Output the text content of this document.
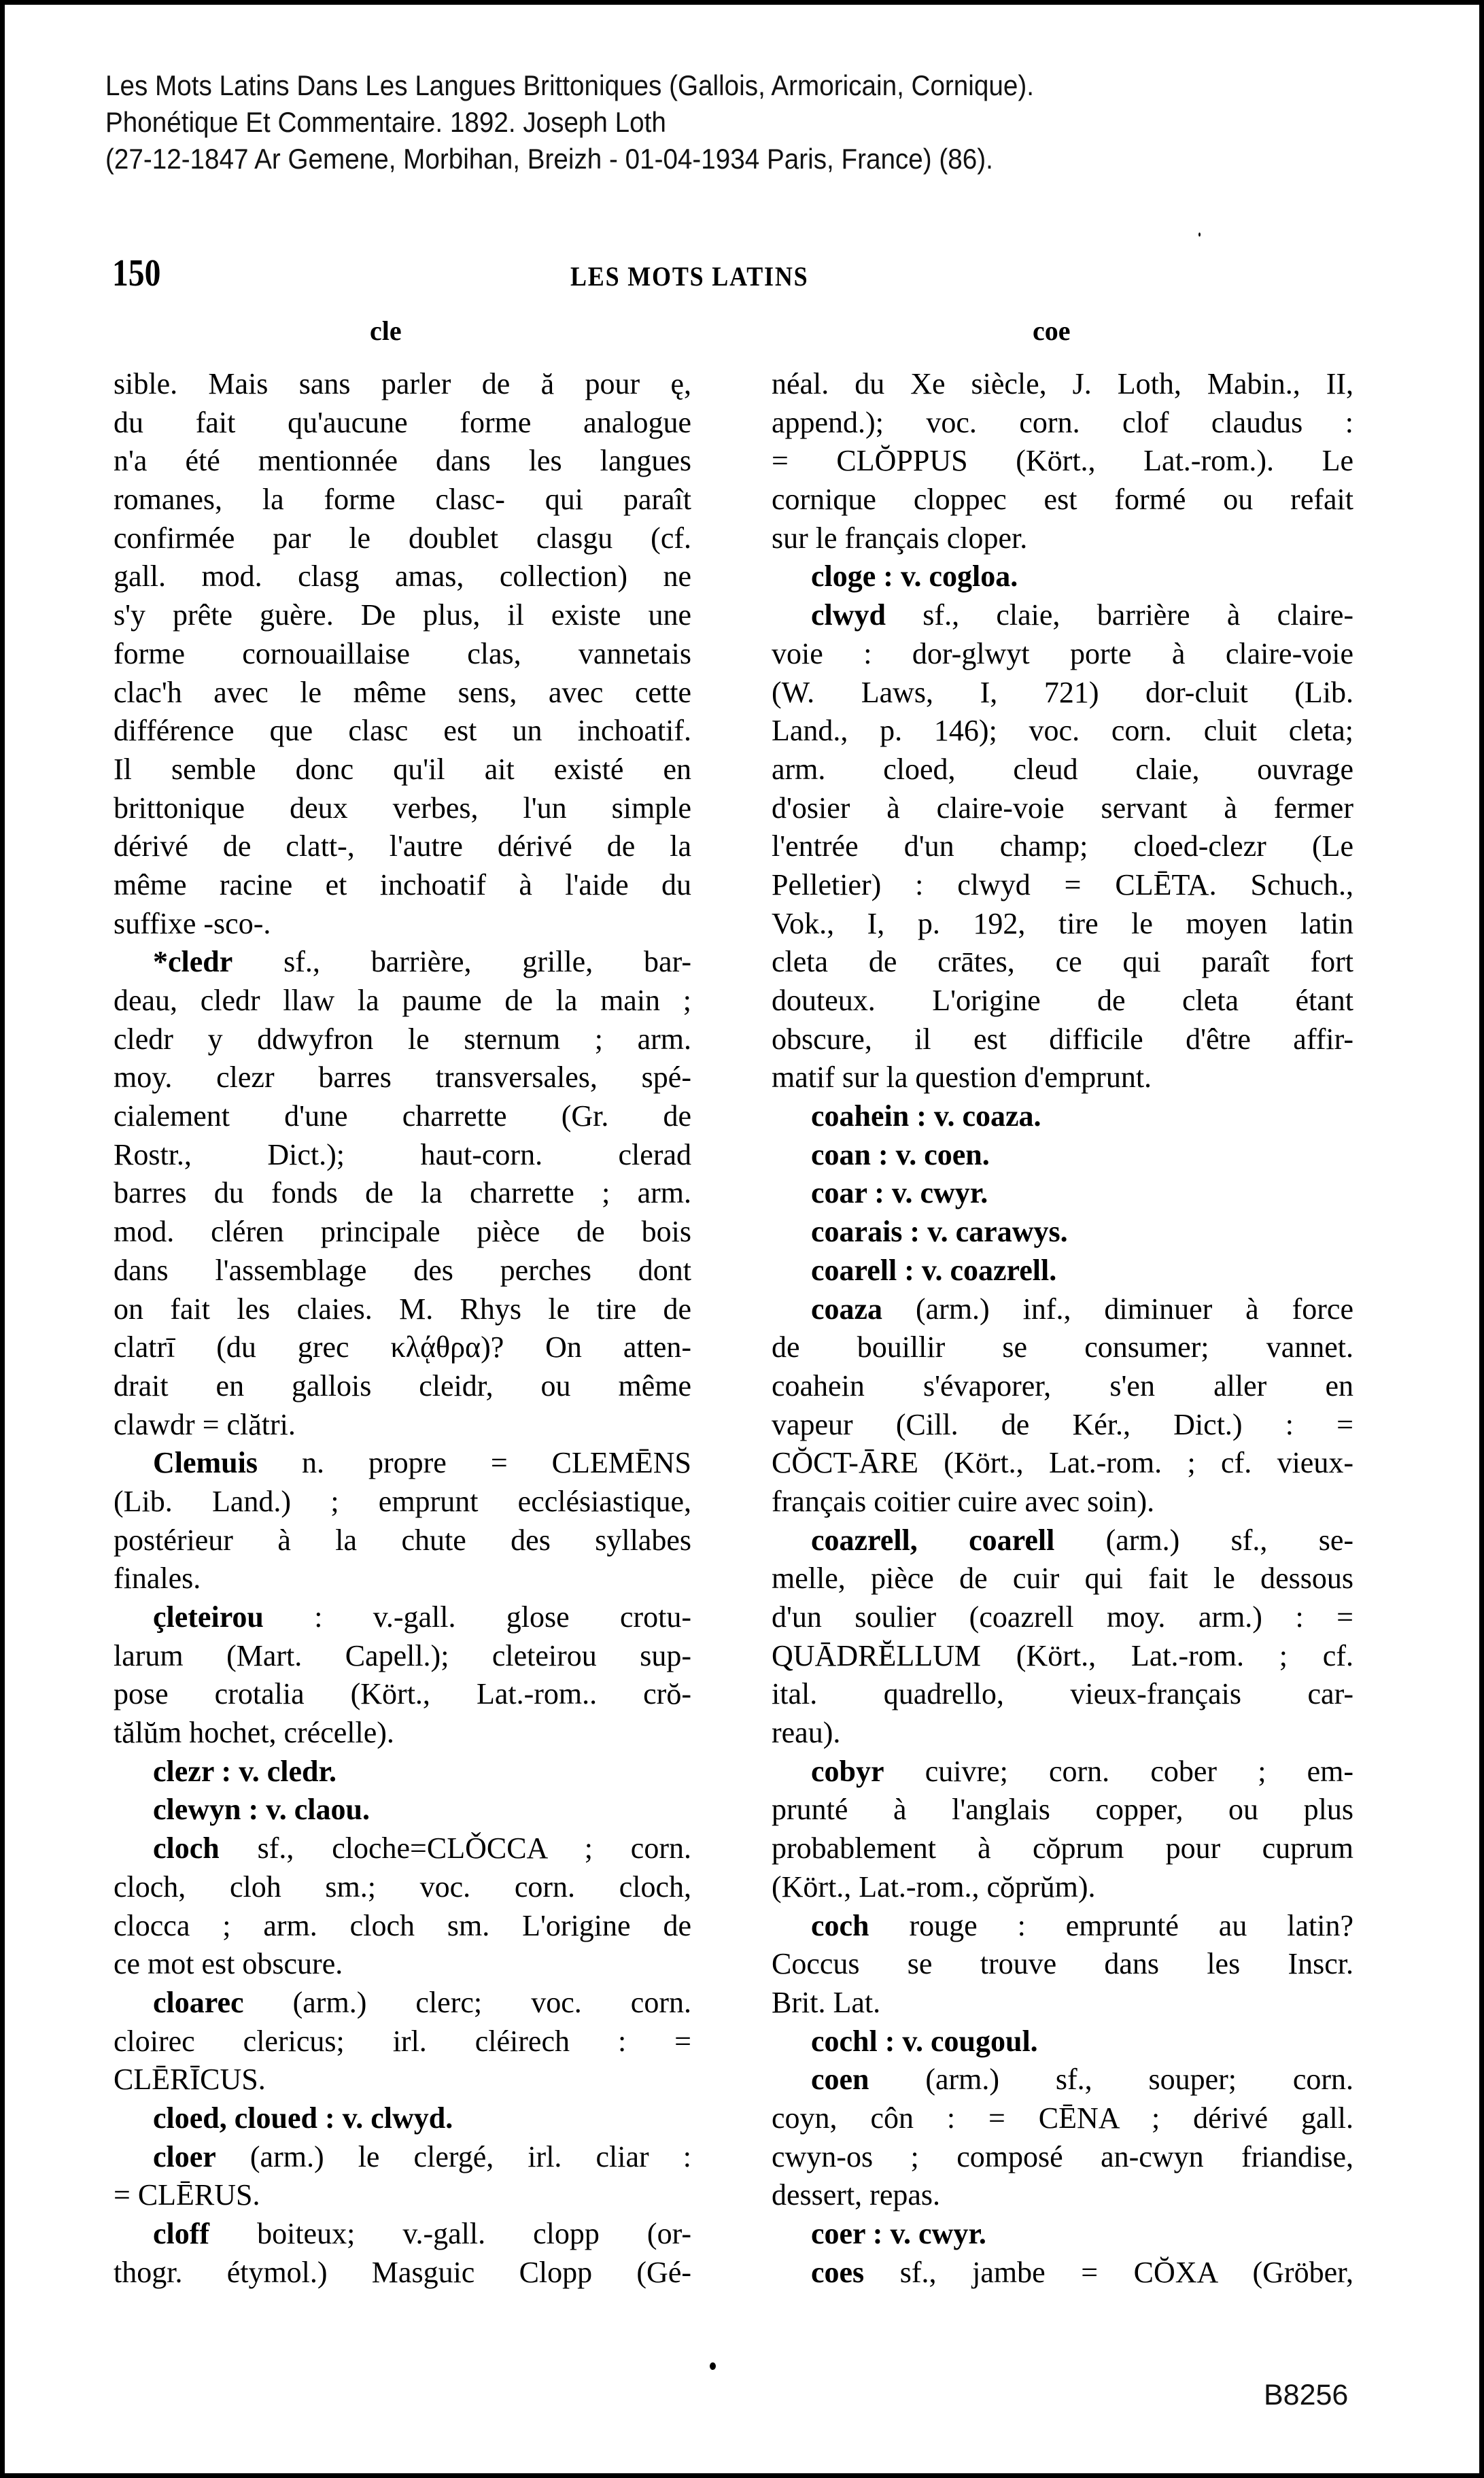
Les Mots Latins Dans Les Langues Brittoniques (Gallois, Armoricain, Cornique).
Phonétique Et Commentaire. 1892. Joseph Loth
(27-12-1847 Ar Gemene, Morbihan, Breizh - 01-04-1934 Paris, France) (86).
150	LES MOTS LATINS
cle	coe
sible. Mais sans parler de ă pour ę,
du fait qu'aucune forme analogue
n'a été mentionnée dans les langues
romanes, la forme clasc- qui paraît
confirmée par le doublet clasgu (cf.
gall. mod. clasg amas, collection) ne
s'y prête guère. De plus, il existe une
forme cornouaillaise clas, vannetais
clac'h avec le même sens, avec cette
différence que clasc est un inchoatif.
Il semble donc qu'il ait existé en
brittonique deux verbes, l'un simple
dérivé de clatt-, l'autre dérivé de la
même racine et inchoatif à l'aide du
suffixe -sco-.
*cledr sf., barrière, grille, bar-
deau, cledr llaw la paume de la main ;
cledr y ddwyfron le sternum ; arm.
moy. clezr barres transversales, spé-
cialement d'une charrette (Gr. de
Rostr., Dict.); haut-corn. clerad
barres du fonds de la charrette ; arm.
mod. cléren principale pièce de bois
dans l'assemblage des perches dont
on fait les claies. M. Rhys le tire de
clatrī (du grec κλᾴθρα)? On atten-
drait en gallois cleidr, ou même
clawdr = clătri.
Clemuis n. propre = CLEMĒNS
(Lib. Land.) ; emprunt ecclésiastique,
postérieur à la chute des syllabes
finales.
çleteirou : v.-gall. glose crotu-
larum (Mart. Capell.); cleteirou sup-
pose crotalia (Kört., Lat.-rom.. crŏ-
tălŭm hochet, crécelle).
clezr : v. cledr.
clewyn : v. claou.
cloch sf., cloche=CLǑCCA ; corn.
cloch, cloh sm.; voc. corn. cloch,
clocca ; arm. cloch sm. L'origine de
ce mot est obscure.
cloarec (arm.) clerc; voc. corn.
cloirec clericus; irl. cléirech : =
CLĒRĪCUS.
cloed, cloued : v. clwyd.
cloer (arm.) le clergé, irl. cliar :
= CLĒRUS.
cloff boiteux; v.-gall. clopp (or-
thogr. étymol.) Masguic Clopp (Gé-
néal. du Xe siècle, J. Loth, Mabin., II,
append.); voc. corn. clof claudus :
= CLŎPPUS (Kört., Lat.-rom.). Le
cornique cloppec est formé ou refait
sur le français cloper.
cloge : v. cogloa.
clwyd sf., claie, barrière à claire-
voie : dor-glwyt porte à claire-voie
(W. Laws, I, 721) dor-cluit (Lib.
Land., p. 146); voc. corn. cluit cleta;
arm. cloed, cleud claie, ouvrage
d'osier à claire-voie servant à fermer
l'entrée d'un champ; cloed-clezr (Le
Pelletier) : clwyd = CLĒTA. Schuch.,
Vok., I, p. 192, tire le moyen latin
cleta de crātes, ce qui paraît fort
douteux. L'origine de cleta étant
obscure, il est difficile d'être affir-
matif sur la question d'emprunt.
coahein : v. coaza.
coan : v. coen.
coar : v. cwyr.
coarais : v. carawys.
coarell : v. coazrell.
coaza (arm.) inf., diminuer à force
de bouillir se consumer; vannet.
coahein s'évaporer, s'en aller en
vapeur (Cill. de Kér., Dict.) : =
CŎCT-ĀRE (Kört., Lat.-rom. ; cf. vieux-
français coitier cuire avec soin).
coazrell, coarell (arm.) sf., se-
melle, pièce de cuir qui fait le dessous
d'un soulier (coazrell moy. arm.) : =
QUĀDRĔLLUM (Kört., Lat.-rom. ; cf.
ital. quadrello, vieux-français car-
reau).
cobyr cuivre; corn. cober ; em-
prunté à l'anglais copper, ou plus
probablement à cŏprum pour cuprum
(Kört., Lat.-rom., cŏprŭm).
coch rouge : emprunté au latin?
Coccus se trouve dans les Inscr.
Brit. Lat.
cochl : v. cougoul.
coen (arm.) sf., souper; corn.
coyn, côn : = CĒNA ; dérivé gall.
cwyn-os ; composé an-cwyn friandise,
dessert, repas.
coer : v. cwyr.
coes sf., jambe = CŎXA (Gröber,
B8256
